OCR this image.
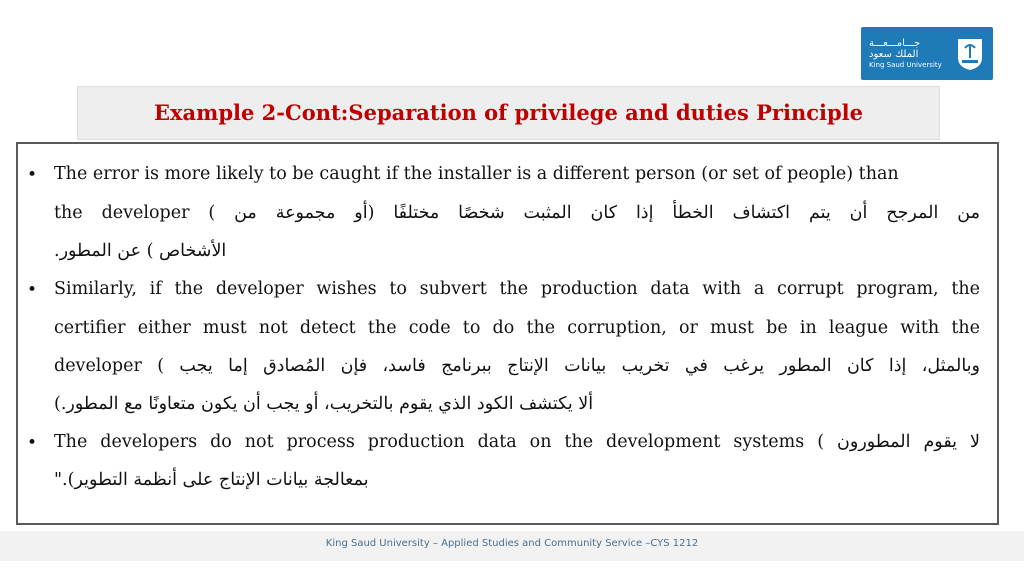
جـــامـــعـــة
الملك سعود
King Saud University
Example 2-Cont:Separation of privilege and duties Principle
• The error is more likely to be caught if the installer is a different person (or set of people) than
the developer ( من المرجح أن يتم اكتشاف الخطأ إذا كان المثبت شخصًا مختلفًا (أو مجموعة من
الأشخاص ) عن المطور.
• Similarly, if the developer wishes to subvert the production data with a corrupt program, the
certifier either must not detect the code to do the corruption, or must be in league with the
developer ( وبالمثل، إذا كان المطور يرغب في تخريب بيانات الإنتاج ببرنامج فاسد، فإن المُصادق إما يجب
ألا يكتشف الكود الذي يقوم بالتخريب، أو يجب أن يكون متعاونًا مع المطور.)
• The developers do not process production data on the development systems ( لا يقوم المطورون
بمعالجة بيانات الإنتاج على أنظمة التطوير)."
King Saud University – Applied Studies and Community Service –CYS 1212
